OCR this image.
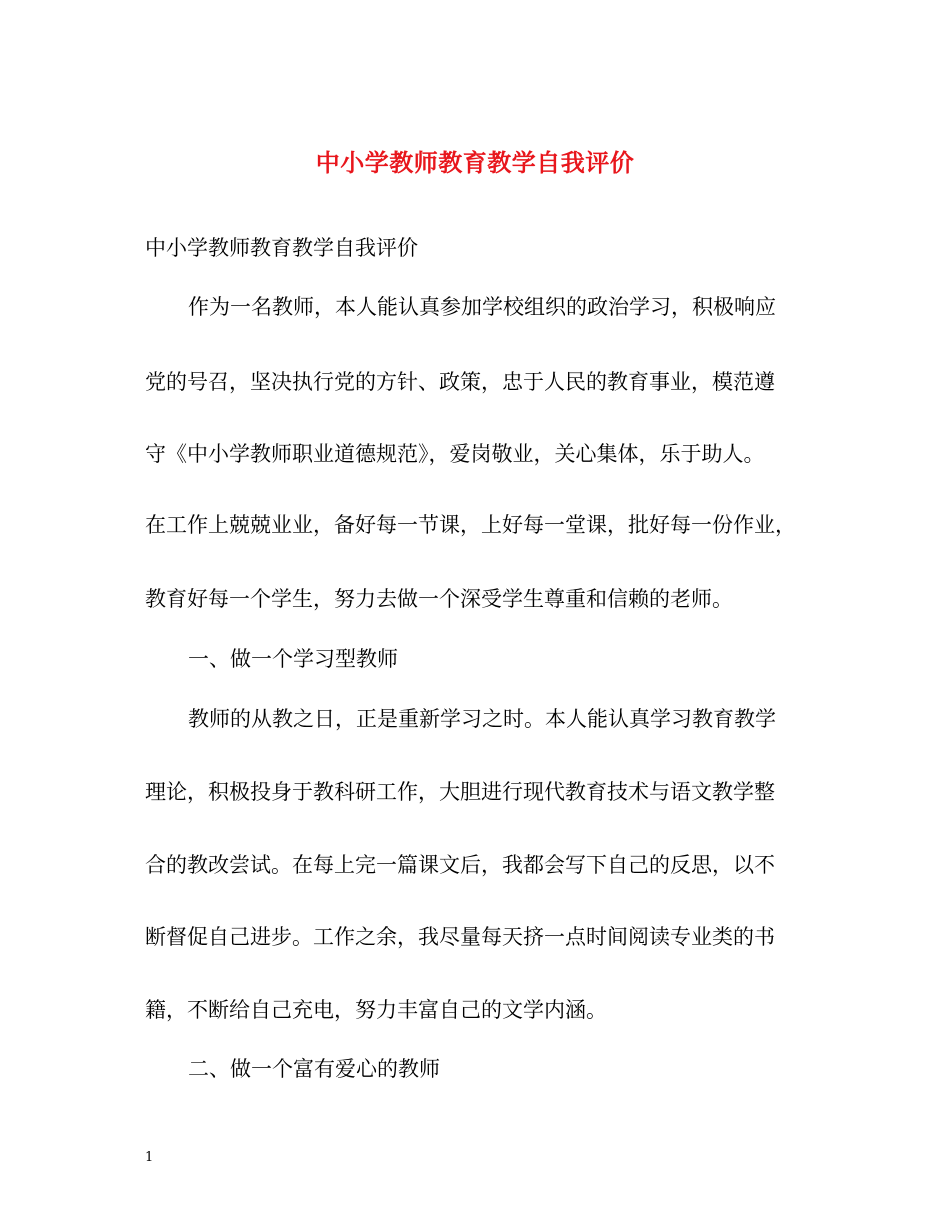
中小学教师教育教学自我评价

中小学教师教育教学自我评价

作为一名教师，本人能认真参加学校组织的政治学习，积极响应

党的号召，坚决执行党的方针、政策，忠于人民的教育事业，模范遵

守《中小学教师职业道德规范》，爱岗敬业，关心集体，乐于助人。

在工作上兢兢业业，备好每一节课，上好每一堂课，批好每一份作业，

教育好每一个学生，努力去做一个深受学生尊重和信赖的老师。

一、做一个学习型教师

教师的从教之日，正是重新学习之时。本人能认真学习教育教学

理论，积极投身于教科研工作，大胆进行现代教育技术与语文教学整

合的教改尝试。在每上完一篇课文后，我都会写下自己的反思，以不

断督促自己进步。工作之余，我尽量每天挤一点时间阅读专业类的书

籍，不断给自己充电，努力丰富自己的文学内涵。

二、做一个富有爱心的教师

1
